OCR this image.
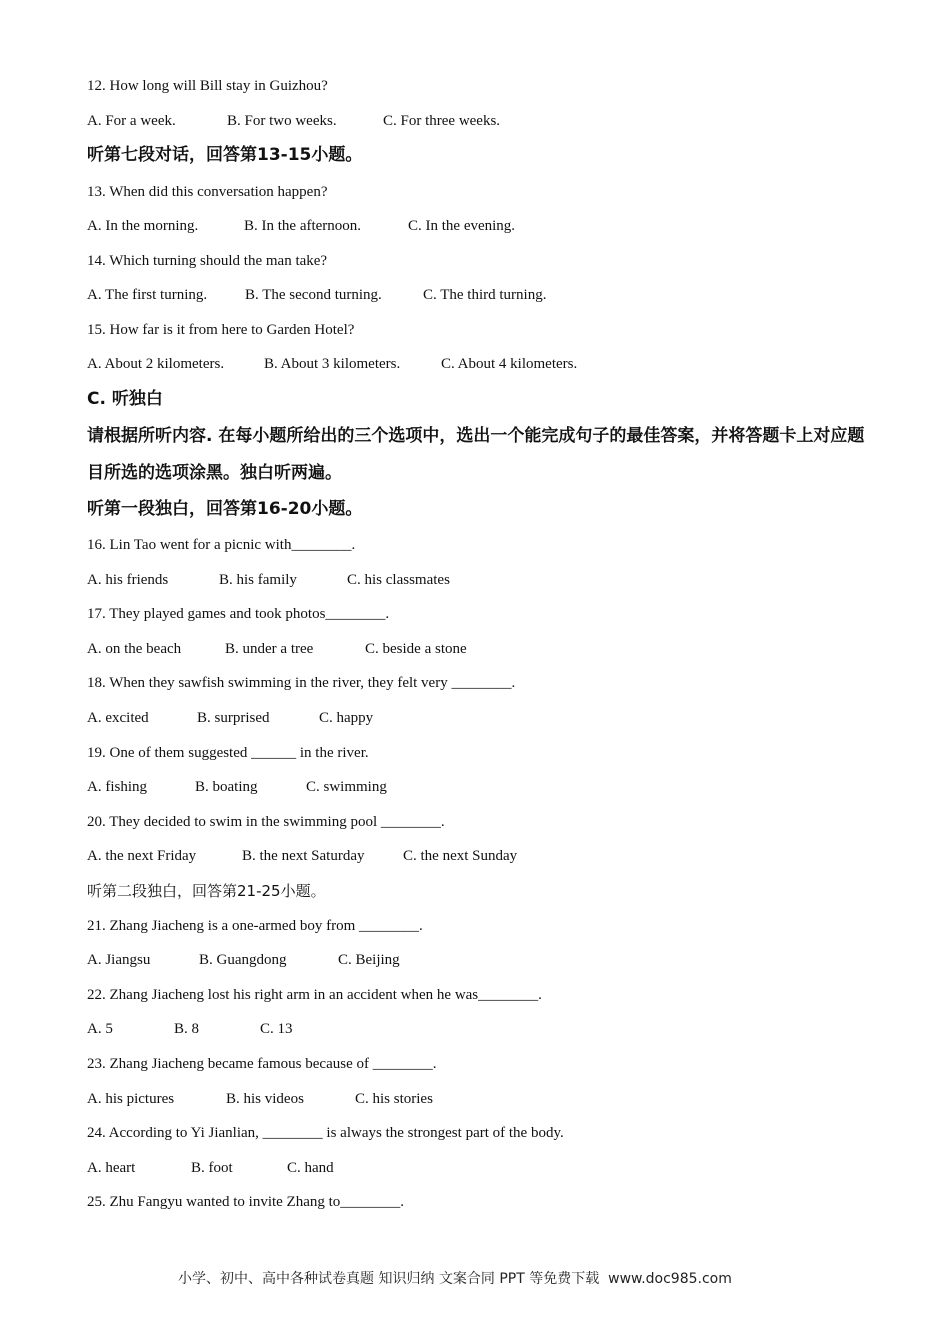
12. How long will Bill stay in Guizhou?
A. For a week.	B. For two weeks.	C. For three weeks.
听第七段对话，回答第13-15小题。
13. When did this conversation happen?
A. In the morning.	B. In the afternoon.	C. In the evening.
14. Which turning should the man take?
A. The first turning.	B. The second turning.	C. The third turning.
15. How far is it from here to Garden Hotel?
A. About 2 kilometers.	B. About 3 kilometers.	C. About 4 kilometers.
C. 听独白
请根据所听内容. 在每小题所给出的三个选项中，选出一个能完成句子的最佳答案，并将答题卡上对应题目所选的选项涂黑。独白听两遍。
听第一段独白，回答第16-20小题。
16. Lin Tao went for a picnic with________.
A. his friends	B. his family	C. his classmates
17. They played games and took photos________.
A. on the beach	B. under a tree	C. beside a stone
18. When they sawfish swimming in the river, they felt very ________.
A. excited	B. surprised	C. happy
19. One of them suggested ______ in the river.
A. fishing	B. boating	C. swimming
20. They decided to swim in the swimming pool ________.
A. the next Friday	B. the next Saturday	C. the next Sunday
听第二段独白，回答第21-25小题。
21. Zhang Jiacheng is a one-armed boy from ________.
A. Jiangsu	B. Guangdong	C. Beijing
22. Zhang Jiacheng lost his right arm in an accident when he was________.
A. 5	B. 8	C. 13
23. Zhang Jiacheng became famous because of ________.
A. his pictures	B. his videos	C. his stories
24. According to Yi Jianlian, ________ is always the strongest part of the body.
A. heart	B. foot	C. hand
25. Zhu Fangyu wanted to invite Zhang to________.
小学、初中、高中各种试卷真题 知识归纳 文案合同 PPT 等免费下载  www.doc985.com
